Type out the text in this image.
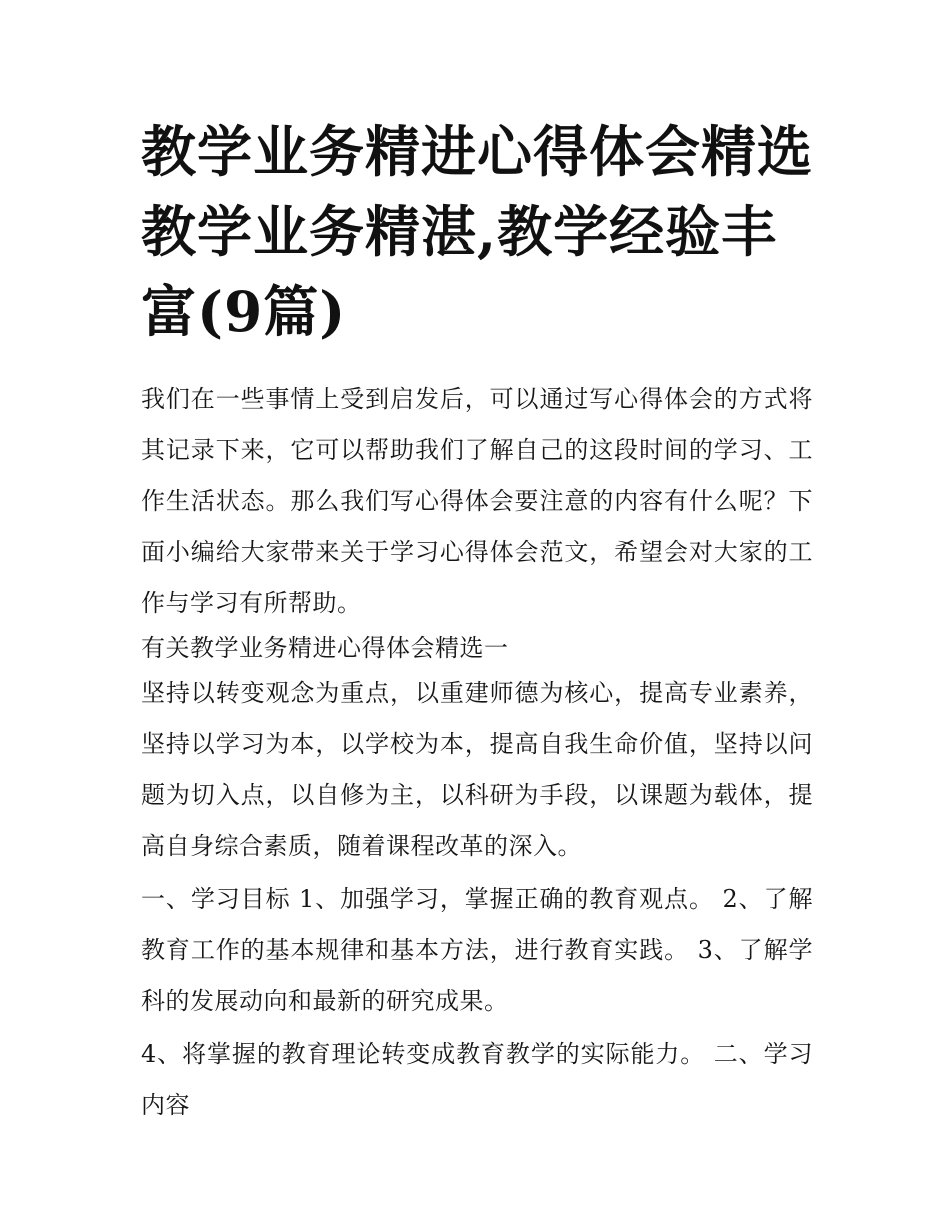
教学业务精进心得体会精选 教学业务精湛,教学经验丰富(9篇)

我们在一些事情上受到启发后，可以通过写心得体会的方式将其记录下来，它可以帮助我们了解自己的这段时间的学习、工作生活状态。那么我们写心得体会要注意的内容有什么呢？下面小编给大家带来关于学习心得体会范文，希望会对大家的工作与学习有所帮助。

有关教学业务精进心得体会精选一

坚持以转变观念为重点，以重建师德为核心，提高专业素养，坚持以学习为本，以学校为本，提高自我生命价值，坚持以问题为切入点，以自修为主，以科研为手段，以课题为载体，提高自身综合素质，随着课程改革的深入。

一、学习目标 1、加强学习，掌握正确的教育观点。 2、了解教育工作的基本规律和基本方法，进行教育实践。 3、了解学科的发展动向和最新的研究成果。

4、将掌握的教育理论转变成教育教学的实际能力。 二、学习内容
